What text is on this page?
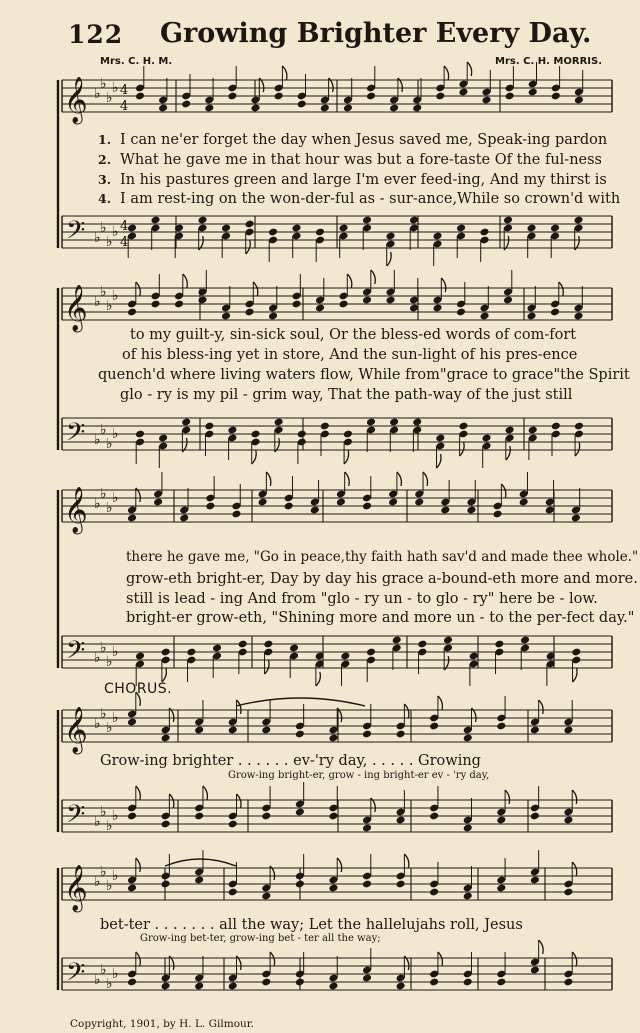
122 Growing Brighter Every Day.
Mrs. C. H. M.	Mrs. C. H. MORRIS.
𝄞 ♭
♭
♭
♭ 4
4
𝄢 ♭
♭
♭
♭ 4
4
𝄞 ♭
♭
♭
♭
𝄢 ♭
♭
♭
♭
𝄞 ♭
♭
♭
♭
𝄢 ♭
♭
♭
♭
𝄞 ♭
♭
♭
♭
𝄢 ♭
♭
♭
♭
𝄞 ♭
♭
♭
♭
𝄢 ♭
♭
♭
♭
1. I can ne'er forget the day when Jesus saved me, Speak-ing pardon
2. What he gave me in that hour was but a fore-taste Of the ful-ness
3. In his pastures green and large I'm ever feed-ing, And my thirst is
4. I am rest-ing on the won-der-ful as - sur-ance,While so crown'd with
to my guilt-y, sin-sick soul, Or the bless-ed words of com-fort
of his bless-ing yet in store, And the sun-light of his pres-ence
quench'd where living waters flow, While from"grace to grace"the Spirit
glo - ry is my pil - grim way, That the path-way of the just still
there he gave me, "Go in peace,thy faith hath sav'd and made thee whole."
grow-eth bright-er, Day by day his grace a-bound-eth more and more.
still is lead - ing And from "glo - ry un - to glo - ry" here be - low.
bright-er grow-eth, "Shining more and more un - to the per-fect day."
CHORUS.
Grow-ing brighter . . . . . . ev-'ry day, . . . . . Growing
Grow-ing bright-er, grow - ing bright-er ev - 'ry day,
bet-ter . . . . . . . all the way; Let the hallelujahs roll, Jesus
Grow-ing bet-ter, grow-ing bet - ter all the way;
Copyright, 1901, by H. L. Gilmour.
